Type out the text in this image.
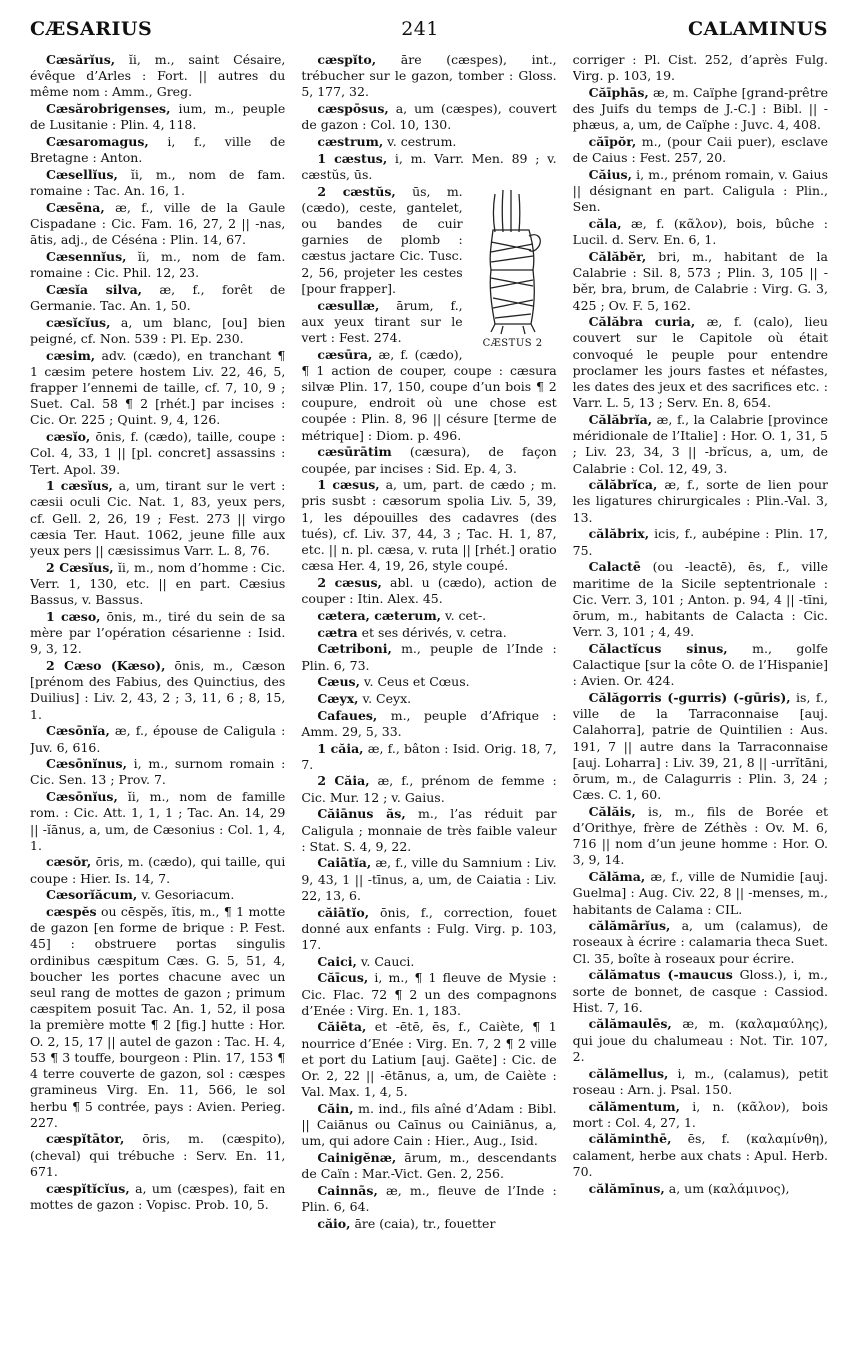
CÆSARIUS	241	CALAMINUS

Cæsărĭus, ĭi, m., saint Césaire, évêque d’Arles : Fort. || autres du même nom : Amm., Greg.

Cæsărobrigenses, ium, m., peuple de Lusitanie : Plin. 4, 118.

Cæsaromagus, i, f., ville de Bretagne : Anton.

Cæsellĭus, ĭi, m., nom de fam. romaine : Tac. An. 16, 1.

Cæsēna, æ, f., ville de la Gaule Cispadane : Cic. Fam. 16, 27, 2 || -nas, ātis, adj., de Céséna : Plin. 14, 67.

Cæsennĭus, ĭi, m., nom de fam. romaine : Cic. Phil. 12, 23.

Cæsĭa silva, æ, f., forêt de Germanie. Tac. An. 1, 50.

cæsĭcĭus, a, um blanc, [ou] bien peigné, cf. Non. 539 : Pl. Ep. 230.

cæsim, adv. (cædo), en tranchant ¶ 1 cæsim petere hostem Liv. 22, 46, 5, frapper l’ennemi de taille, cf. 7, 10, 9 ; Suet. Cal. 58 ¶ 2 [rhét.] par incises : Cic. Or. 225 ; Quint. 9, 4, 126.

cæsĭo, ōnis, f. (cædo), taille, coupe : Col. 4, 33, 1 || [pl. concret] assassins : Tert. Apol. 39.

1 cæsĭus, a, um, tirant sur le vert : cæsii oculi Cic. Nat. 1, 83, yeux pers, cf. Gell. 2, 26, 19 ; Fest. 273 || virgo cæsia Ter. Haut. 1062, jeune fille aux yeux pers || cæsissimus Varr. L. 8, 76.

2 Cæsĭus, ĭi, m., nom d’homme : Cic. Verr. 1, 130, etc. || en part. Cæsius Bassus, v. Bassus.

1 cæso, ōnis, m., tiré du sein de sa mère par l’opération césarienne : Isid. 9, 3, 12.

2 Cæso (Kæso), ōnis, m., Cæson [prénom des Fabius, des Quinctius, des Duilius] : Liv. 2, 43, 2 ; 3, 11, 6 ; 8, 15, 1.

Cæsōnĭa, æ, f., épouse de Caligula : Juv. 6, 616.

Cæsōnĭnus, i, m., surnom romain : Cic. Sen. 13 ; Prov. 7.

Cæsōnĭus, ĭi, m., nom de famille rom. : Cic. Att. 1, 1, 1 ; Tac. An. 14, 29 || -ĭānus, a, um, de Cæsonius : Col. 1, 4, 1.

cæsŏr, ōris, m. (cædo), qui taille, qui coupe : Hier. Is. 14, 7.

Cæsorĭăcum, v. Gesoriacum.

cæspĕs ou cēspĕs, ĭtis, m., ¶ 1 motte de gazon [en forme de brique : P. Fest. 45] : obstruere portas singulis ordinibus cæspitum Cæs. G. 5, 51, 4, boucher les portes chacune avec un seul rang de mottes de gazon ; primum cæspitem posuit Tac. An. 1, 52, il posa la première motte ¶ 2 [fig.] hutte : Hor. O. 2, 15, 17 || autel de gazon : Tac. H. 4, 53 ¶ 3 touffe, bourgeon : Plin. 17, 153 ¶ 4 terre couverte de gazon, sol : cæspes gramineus Virg. En. 11, 566, le sol herbu ¶ 5 contrée, pays : Avien. Perieg. 227.

cæspĭtātor, ōris, m. (cæspito), (cheval) qui trébuche : Serv. En. 11, 671.

cæspĭtĭcĭus, a, um (cæspes), fait en mottes de gazon : Vopisc. Prob. 10, 5.

cæspĭto, āre (cæspes), int., trébucher sur le gazon, tomber : Gloss. 5, 177, 32.

cæspōsus, a, um (cæspes), couvert de gazon : Col. 10, 130.

cæstrum, v. cestrum.

1 cæstus, i, m. Varr. Men. 89 ; v. cæstŭs, ūs.

CÆSTUS 2

2 cæstŭs, ūs, m. (cædo), ceste, gantelet, ou bandes de cuir garnies de plomb : cæstus jactare Cic. Tusc. 2, 56, projeter les cestes [pour frapper].

cæsullæ, ārum, f., aux yeux tirant sur le vert : Fest. 274.

cæsūra, æ, f. (cædo), ¶ 1 action de couper, coupe : cæsura silvæ Plin. 17, 150, coupe d’un bois ¶ 2 coupure, endroit où une chose est coupée : Plin. 8, 96 || césure [terme de métrique] : Diom. p. 496.

cæsūrātim (cæsura), de façon coupée, par incises : Sid. Ep. 4, 3.

1 cæsus, a, um, part. de cædo ; m. pris susbt : cæsorum spolia Liv. 5, 39, 1, les dépouilles des cadavres (des tués), cf. Liv. 37, 44, 3 ; Tac. H. 1, 87, etc. || n. pl. cæsa, v. ruta || [rhét.] oratio cæsa Her. 4, 19, 26, style coupé.

2 cæsus, abl. u (cædo), action de couper : Itin. Alex. 45.

cætera, cæterum, v. cet-.

cætra et ses dérivés, v. cetra.

Cætriboni, m., peuple de l’Inde : Plin. 6, 73.

Cæus, v. Ceus et Cœus.

Cæyx, v. Ceyx.

Cafaues, m., peuple d’Afrique : Amm. 29, 5, 33.

1 căia, æ, f., bâton : Isid. Orig. 18, 7, 7.

2 Căia, æ, f., prénom de femme : Cic. Mur. 12 ; v. Gaius.

Căiānus ăs, m., l’as réduit par Caligula ; monnaie de très faible valeur : Stat. S. 4, 9, 22.

Caiātĭa, æ, f., ville du Samnium : Liv. 9, 43, 1 || -tīnus, a, um, de Caiatia : Liv. 22, 13, 6.

căiātĭo, ōnis, f., correction, fouet donné aux enfants : Fulg. Virg. p. 103, 17.

Caici, v. Cauci.

Căīcus, i, m., ¶ 1 fleuve de Mysie : Cic. Flac. 72 ¶ 2 un des compagnons d’Enée : Virg. En. 1, 183.

Căiēta, et -ētē, ēs, f., Caiète, ¶ 1 nourrice d’Enée : Virg. En. 7, 2 ¶ 2 ville et port du Latium [auj. Gaëte] : Cic. de Or. 2, 22 || -ētānus, a, um, de Caiète : Val. Max. 1, 4, 5.

Căin, m. ind., fils aîné d’Adam : Bibl. || Caiānus ou Caīnus ou Cainiānus, a, um, qui adore Cain : Hier., Aug., Isid.

Cainigĕnæ, ārum, m., descendants de Caïn : Mar.-Vict. Gen. 2, 256.

Cainnās, æ, m., fleuve de l’Inde : Plin. 6, 64.

căio, āre (caia), tr., fouetter

corriger : Pl. Cist. 252, d’après Fulg. Virg. p. 103, 19.

Căīphās, æ, m. Caïphe [grand-prêtre des Juifs du temps de J.-C.] : Bibl. || -phæus, a, um, de Caïphe : Juvc. 4, 408.

căīpŏr, m., (pour Caii puer), esclave de Caius : Fest. 257, 20.

Căius, i, m., prénom romain, v. Gaius || désignant en part. Caligula : Plin., Sen.

căla, æ, f. (κᾶλον), bois, bûche : Lucil. d. Serv. En. 6, 1.

Călăbĕr, bri, m., habitant de la Calabrie : Sil. 8, 573 ; Plin. 3, 105 || -bĕr, bra, brum, de Calabrie : Virg. G. 3, 425 ; Ov. F. 5, 162.

Călăbra curia, æ, f. (calo), lieu couvert sur le Capitole où était convoqué le peuple pour entendre proclamer les jours fastes et néfastes, les dates des jeux et des sacrifices etc. : Varr. L. 5, 13 ; Serv. En. 8, 654.

Călăbrĭa, æ, f., la Calabrie [province méridionale de l’Italie] : Hor. O. 1, 31, 5 ; Liv. 23, 34, 3 || -brĭcus, a, um, de Calabrie : Col. 12, 49, 3.

călăbrĭca, æ, f., sorte de lien pour les ligatures chirurgicales : Plin.-Val. 3, 13.

călăbrix, icis, f., aubépine : Plin. 17, 75.

Calactē (ou -leactē), ēs, f., ville maritime de la Sicile septentrionale : Cic. Verr. 3, 101 ; Anton. p. 94, 4 || -tīni, ōrum, m., habitants de Calacta : Cic. Verr. 3, 101 ; 4, 49.

Călactĭcus sinus, m., golfe Calactique [sur la côte O. de l’Hispanie] : Avien. Or. 424.

Călăgorris (-gurris) (-gūris), is, f., ville de la Tarraconnaise [auj. Calahorra], patrie de Quintilien : Aus. 191, 7 || autre dans la Tarraconnaise [auj. Loharra] : Liv. 39, 21, 8 || -urrĭtāni, ōrum, m., de Calagurris : Plin. 3, 24 ; Cæs. C. 1, 60.

Călăis, is, m., fils de Borée et d’Orithye, frère de Zéthès : Ov. M. 6, 716 || nom d’un jeune homme : Hor. O. 3, 9, 14.

Călăma, æ, f., ville de Numidie [auj. Guelma] : Aug. Civ. 22, 8 || -menses, m., habitants de Calama : CIL.

călămārĭus, a, um (calamus), de roseaux à écrire : calamaria theca Suet. Cl. 35, boîte à roseaux pour écrire.

călămatus (-maucus Gloss.), i, m., sorte de bonnet, de casque : Cassiod. Hist. 7, 16.

călămaulēs, æ, m. (καλαμαύλης), qui joue du chalumeau : Not. Tir. 107, 2.

călămellus, i, m., (calamus), petit roseau : Arn. j. Psal. 150.

călămentum, i, n. (κᾶλον), bois mort : Col. 4, 27, 1.

călăminthē, ēs, f. (καλαμίνθη), calament, herbe aux chats : Apul. Herb. 70.

călămīnus, a, um (καλάμινος),
